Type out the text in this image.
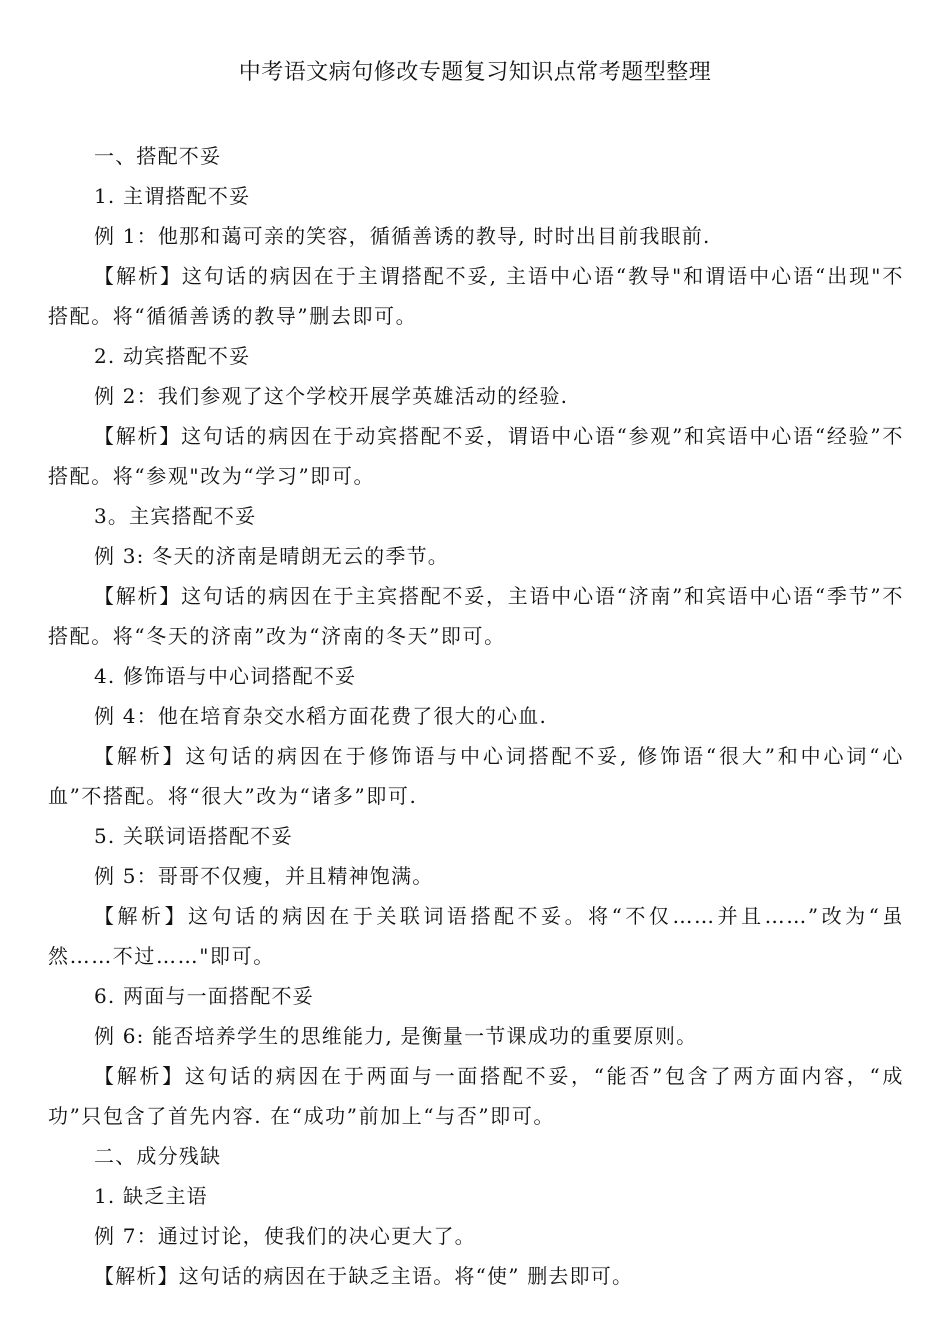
中考语文病句修改专题复习知识点常考题型整理
一、搭配不妥
1. 主谓搭配不妥
例 1：他那和蔼可亲的笑容，循循善诱的教导, 时时出目前我眼前.
【解析】这句话的病因在于主谓搭配不妥, 主语中心语“教导"和谓语中心语“出现"不搭配。将“循循善诱的教导”删去即可。
2. 动宾搭配不妥
例 2：我们参观了这个学校开展学英雄活动的经验.
【解析】这句话的病因在于动宾搭配不妥，谓语中心语“参观”和宾语中心语“经验”不搭配。将“参观"改为“学习”即可。
3。主宾搭配不妥
例 3: 冬天的济南是晴朗无云的季节。
【解析】这句话的病因在于主宾搭配不妥，主语中心语“济南”和宾语中心语“季节”不搭配。将“冬天的济南”改为“济南的冬天”即可。
4. 修饰语与中心词搭配不妥
例 4：他在培育杂交水稻方面花费了很大的心血.
【解析】这句话的病因在于修饰语与中心词搭配不妥, 修饰语“很大”和中心词“心血”不搭配。将“很大”改为“诸多”即可.
5. 关联词语搭配不妥
例 5：哥哥不仅瘦，并且精神饱满。
【解析】这句话的病因在于关联词语搭配不妥。将“不仅……并且……”改为“虽然……不过……"即可。
6. 两面与一面搭配不妥
例 6: 能否培养学生的思维能力, 是衡量一节课成功的重要原则。
【解析】这句话的病因在于两面与一面搭配不妥，“能否”包含了两方面内容，“成功”只包含了首先内容. 在“成功”前加上“与否”即可。
二、成分残缺
1. 缺乏主语
例 7：通过讨论，使我们的决心更大了。
【解析】这句话的病因在于缺乏主语。将“使” 删去即可。
